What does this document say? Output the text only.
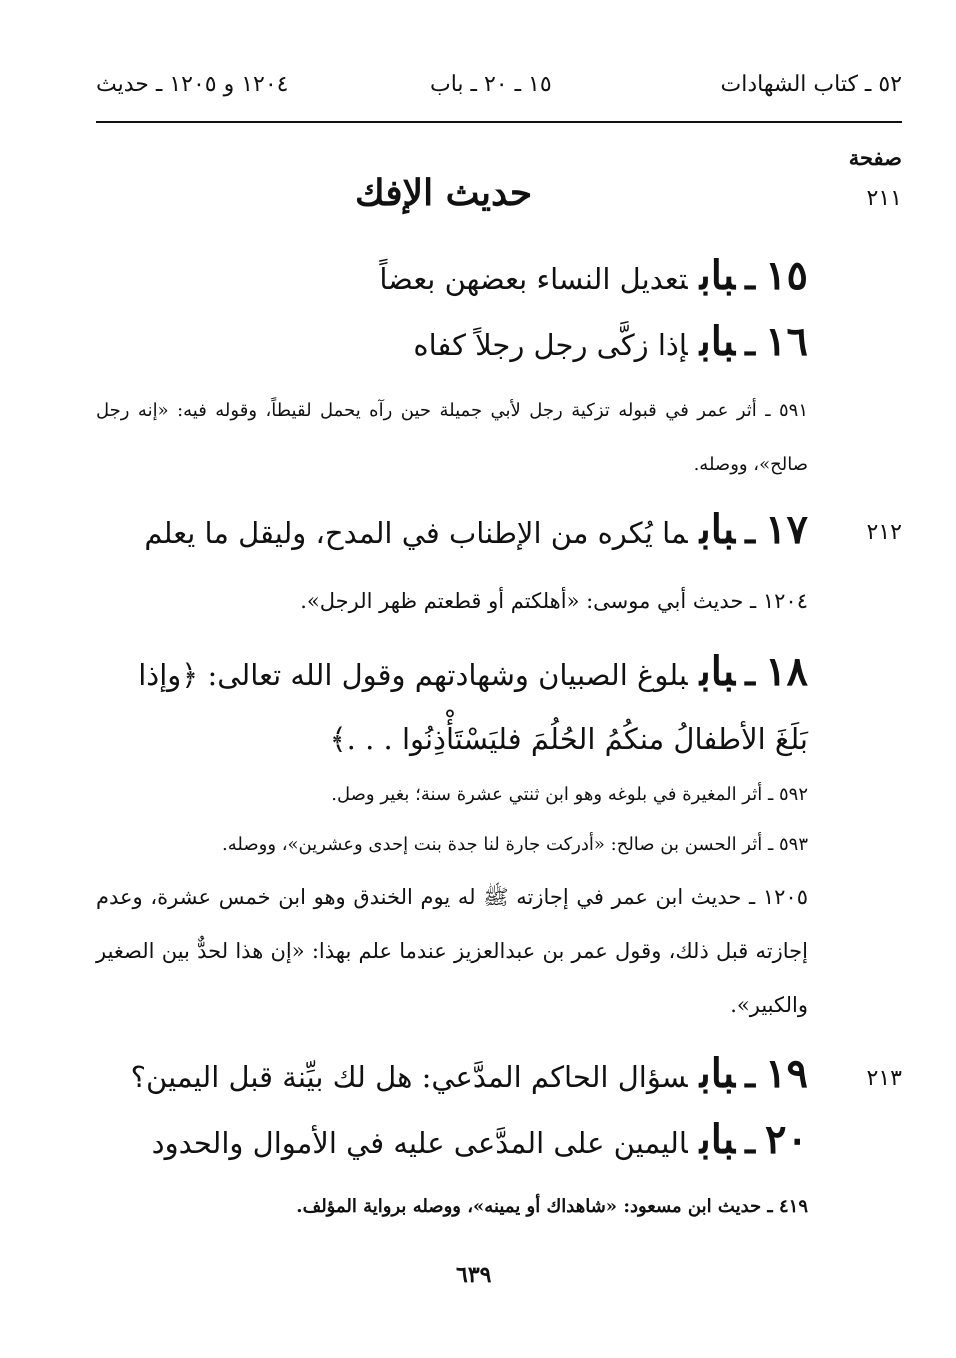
٥٢ ـ كتاب الشهادات
١٥ ـ ٢٠ ـ باب
١٢٠٤ و ١٢٠٥ ـ حديث
صفحة
٢١١
حديث الإفك
١٥ـبابتعديل النساء بعضهن بعضاً
١٦ـبابإذا زكَّى رجل رجلاً كفاه
٥٩١ ـ أثر عمر في قبوله تزكية رجل لأبي جميلة حين رآه يحمل لقيطاً، وقوله فيه: «إنه رجل صالح»، ووصله.
٢١٢
١٧ـبابما يُكره من الإطناب في المدح، وليقل ما يعلم
١٢٠٤ ـ حديث أبي موسى: «أهلكتم أو قطعتم ظهر الرجل».
١٨ـباببلوغ الصبيان وشهادتهم وقول الله تعالى: ﴿وإذا بَلَغَ الأطفالُ منكُمُ الحُلُمَ فليَسْتَأْذِنُوا . . .﴾
٥٩٢ ـ أثر المغيرة في بلوغه وهو ابن ثنتي عشرة سنة؛ بغير وصل.
٥٩٣ ـ أثر الحسن بن صالح: «أدركت جارة لنا جدة بنت إحدى وعشرين»، ووصله.
١٢٠٥ ـ حديث ابن عمر في إجازته ﷺ له يوم الخندق وهو ابن خمس عشرة، وعدم إجازته قبل ذلك، وقول عمر بن عبدالعزيز عندما علم بهذا: «إن هذا لحدٌّ بين الصغير والكبير».
٢١٣
١٩ـبابسؤال الحاكم المدَّعي: هل لك بيِّنة قبل اليمين؟
٢٠ـباباليمين على المدَّعى عليه في الأموال والحدود
٤١٩ ـ حديث ابن مسعود: «شاهداك أو يمينه»، ووصله برواية المؤلف.
٦٣٩
